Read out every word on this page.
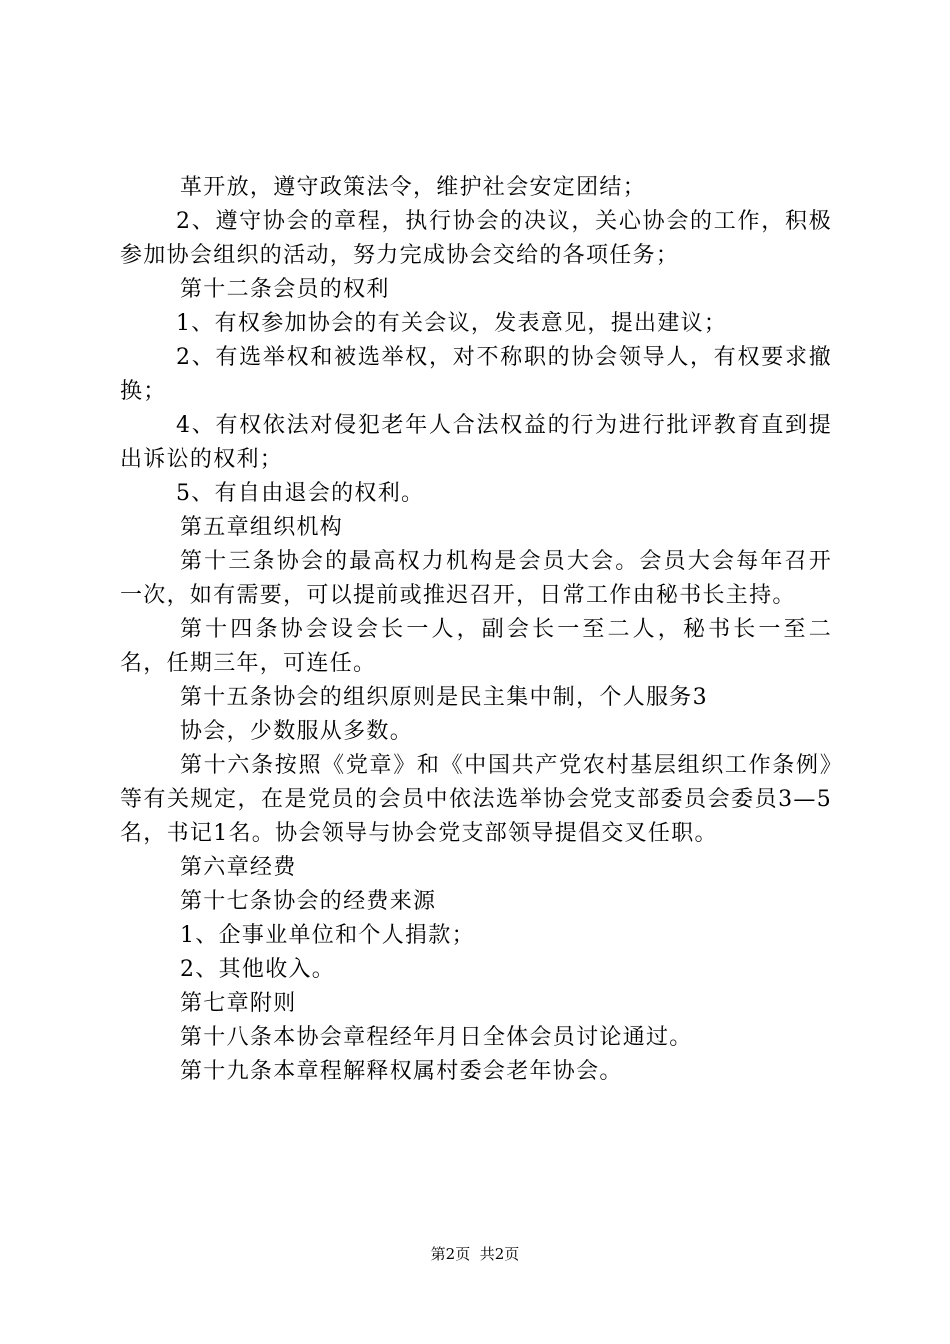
革开放，遵守政策法令，维护社会安定团结；

2、遵守协会的章程，执行协会的决议，关心协会的工作，积极参加协会组织的活动，努力完成协会交给的各项任务；

第十二条会员的权利

1、有权参加协会的有关会议，发表意见，提出建议；

2、有选举权和被选举权，对不称职的协会领导人，有权要求撤换；

4、有权依法对侵犯老年人合法权益的行为进行批评教育直到提出诉讼的权利；

5、有自由退会的权利。

第五章组织机构

第十三条协会的最高权力机构是会员大会。会员大会每年召开一次，如有需要，可以提前或推迟召开，日常工作由秘书长主持。

第十四条协会设会长一人，副会长一至二人，秘书长一至二名，任期三年，可连任。

第十五条协会的组织原则是民主集中制，个人服务3

协会，少数服从多数。

第十六条按照《党章》和《中国共产党农村基层组织工作条例》等有关规定，在是党员的会员中依法选举协会党支部委员会委员3—5名，书记1名。协会领导与协会党支部领导提倡交叉任职。

第六章经费

第十七条协会的经费来源

1、企事业单位和个人捐款；

2、其他收入。

第七章附则

第十八条本协会章程经年月日全体会员讨论通过。

第十九条本章程解释权属村委会老年协会。

第2页 共2页
